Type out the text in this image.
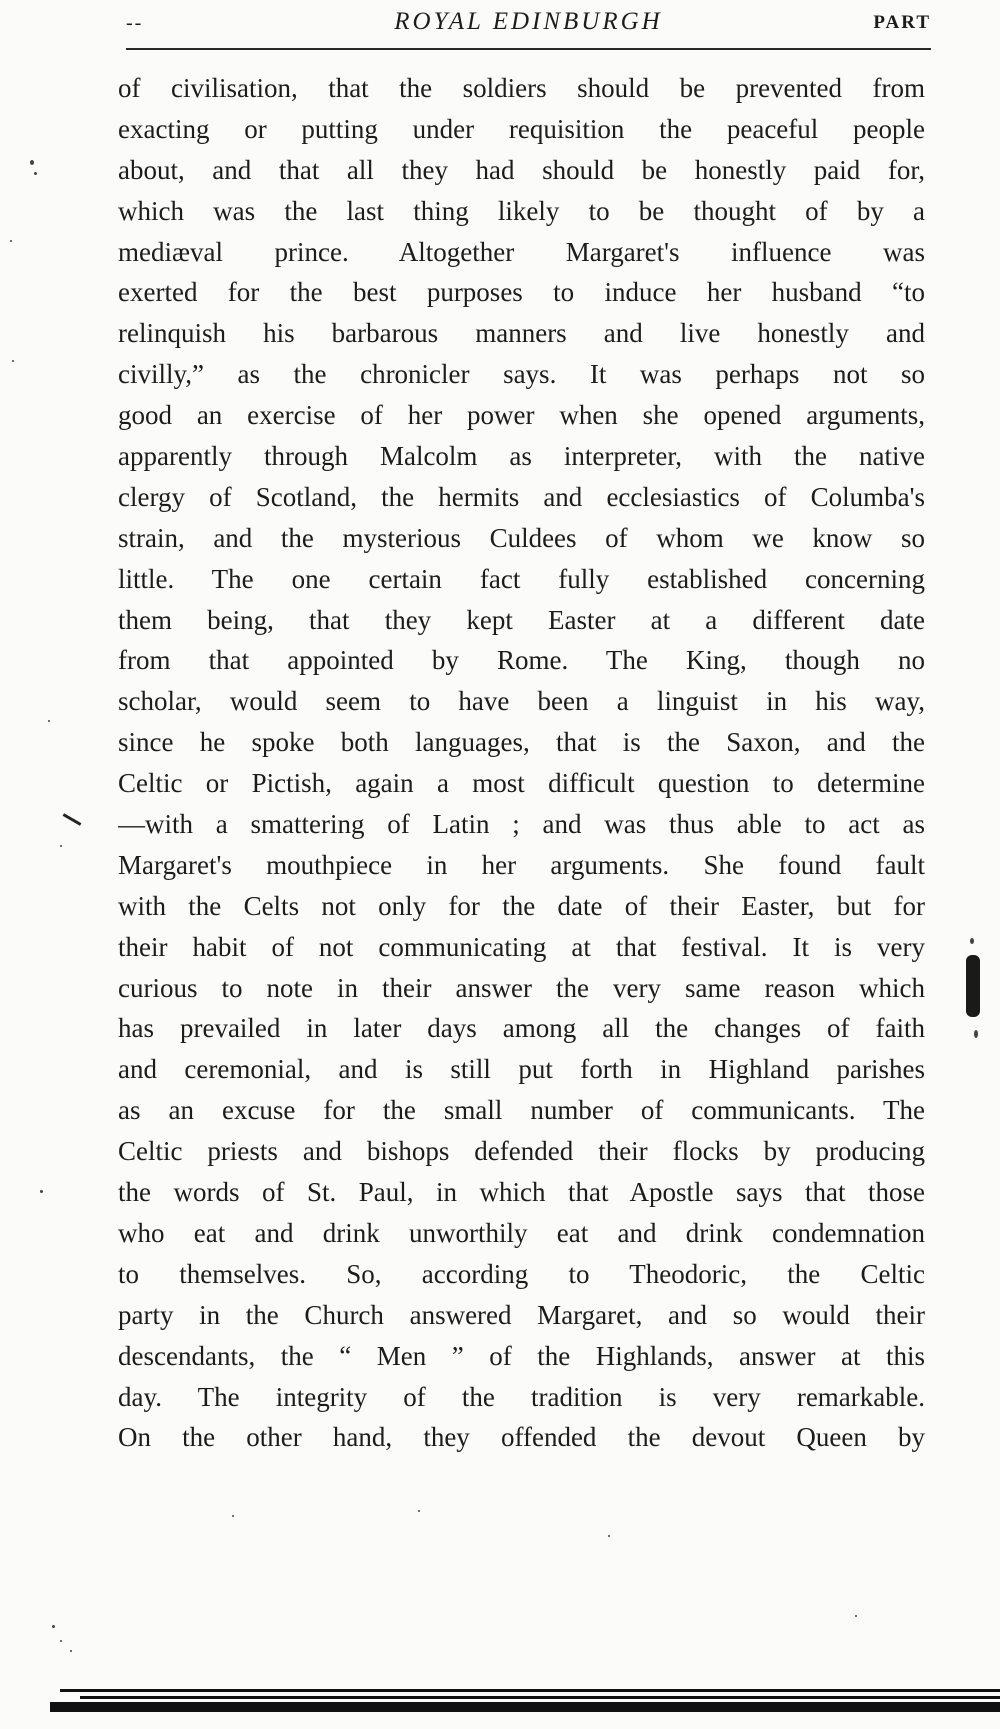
--	ROYAL EDINBURGH	PART
of civilisation, that the soldiers should be prevented from
exacting or putting under requisition the peaceful people
about, and that all they had should be honestly paid for,
which was the last thing likely to be thought of by a
mediæval prince. Altogether Margaret's influence was
exerted for the best purposes to induce her husband “to
relinquish his barbarous manners and live honestly and
civilly,” as the chronicler says. It was perhaps not so
good an exercise of her power when she opened arguments,
apparently through Malcolm as interpreter, with the native
clergy of Scotland, the hermits and ecclesiastics of Columba's
strain, and the mysterious Culdees of whom we know so
little. The one certain fact fully established concerning
them being, that they kept Easter at a different date
from that appointed by Rome. The King, though no
scholar, would seem to have been a linguist in his way,
since he spoke both languages, that is the Saxon, and the
Celtic or Pictish, again a most difficult question to determine
—with a smattering of Latin ; and was thus able to act as
Margaret's mouthpiece in her arguments. She found fault
with the Celts not only for the date of their Easter, but for
their habit of not communicating at that festival. It is very
curious to note in their answer the very same reason which
has prevailed in later days among all the changes of faith
and ceremonial, and is still put forth in Highland parishes
as an excuse for the small number of communicants. The
Celtic priests and bishops defended their flocks by producing
the words of St. Paul, in which that Apostle says that those
who eat and drink unworthily eat and drink condemnation
to themselves. So, according to Theodoric, the Celtic
party in the Church answered Margaret, and so would their
descendants, the “ Men ” of the Highlands, answer at this
day. The integrity of the tradition is very remarkable.
On the other hand, they offended the devout Queen by
